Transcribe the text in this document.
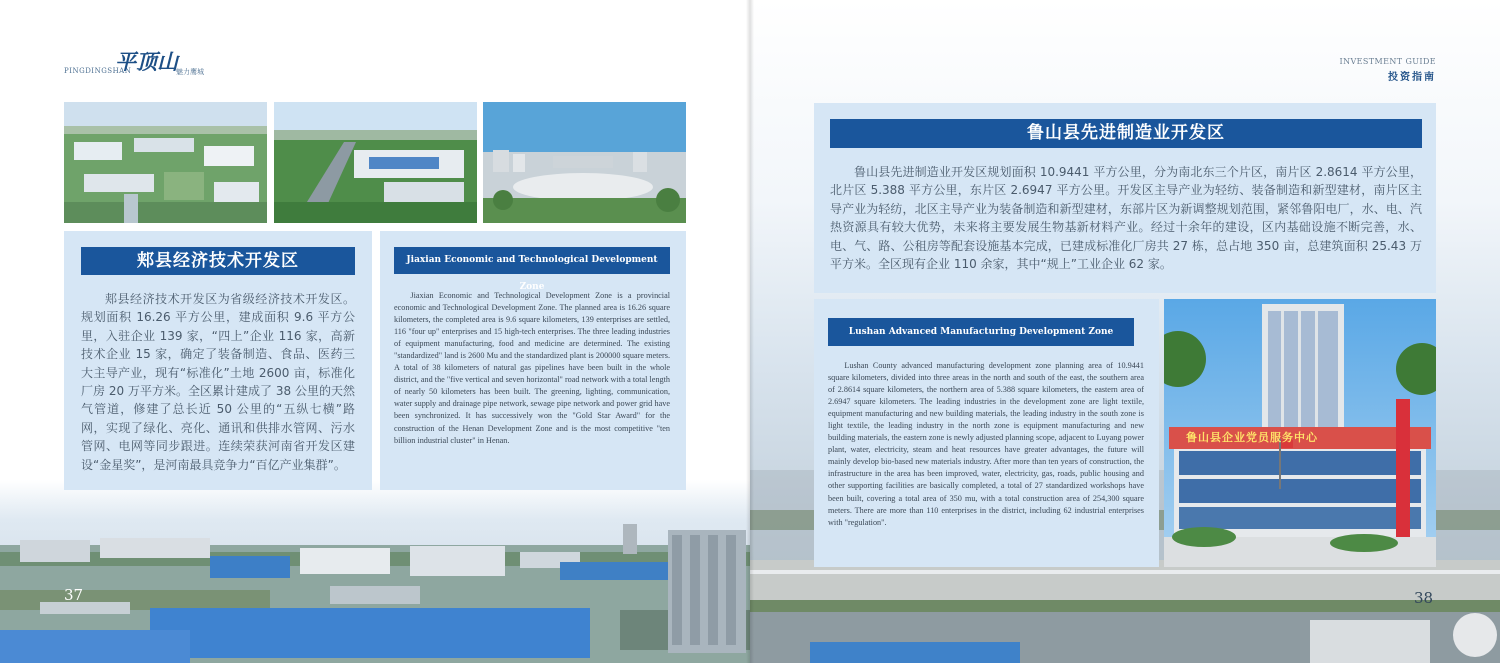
PINGDINGSHAN
平顶山
魅力鹰城
郏县经济技术开发区
郏县经济技术开发区为省级经济技术开发区。规划面积 16.26 平方公里，建成面积 9.6 平方公里，入驻企业 139 家，“四上”企业 116 家，高新技术企业 15 家，确定了装备制造、食品、医药三大主导产业，现有“标准化”土地 2600 亩，标准化厂房 20 万平方米。全区累计建成了 38 公里的天然气管道，修建了总长近 50 公里的“五纵七横”路网，实现了绿化、亮化、通讯和供排水管网、污水管网、电网等同步跟进。连续荣获河南省开发区建设“金星奖”，是河南最具竞争力“百亿产业集群”。
Jiaxian Economic and Technological Development Zone
Jiaxian Economic and Technological Development Zone is a provincial economic and Technological Development Zone. The planned area is 16.26 square kilometers, the completed area is 9.6 square kilometers, 139 enterprises are settled, 116 "four up" enterprises and 15 high-tech enterprises. The three leading industries of equipment manufacturing, food and medicine are determined. The existing "standardized" land is 2600 Mu and the standardized plant is 200000 square meters. A total of 38 kilometers of natural gas pipelines have been built in the whole district, and the "five vertical and seven horizontal" road network with a total length of nearly 50 kilometers has been built. The greening, lighting, communication, water supply and drainage pipe network, sewage pipe network and power grid have been synchronized. It has successively won the "Gold Star Award" for the construction of the Henan Development Zone and is the most competitive "ten billion industrial cluster" in Henan.
37
INVESTMENT GUIDE
投资指南
鲁山县先进制造业开发区
鲁山县先进制造业开发区规划面积 10.9441 平方公里，分为南北东三个片区，南片区 2.8614 平方公里，北片区 5.388 平方公里，东片区 2.6947 平方公里。开发区主导产业为轻纺、装备制造和新型建材，南片区主导产业为轻纺，北区主导产业为装备制造和新型建材，东部片区为新调整规划范围，紧邻鲁阳电厂，水、电、汽热资源具有较大优势，未来将主要发展生物基新材料产业。经过十余年的建设，区内基础设施不断完善，水、电、气、路、公租房等配套设施基本完成，已建成标准化厂房共 27 栋，总占地 350 亩，总建筑面积 25.43 万平方米。全区现有企业 110 余家，其中“规上”工业企业 62 家。
Lushan Advanced Manufacturing Development Zone
Lushan County advanced manufacturing development zone planning area of 10.9441 square kilometers, divided into three areas in the north and south of the east, the southern area of 2.8614 square kilometers, the northern area of 5.388 square kilometers, the eastern area of 2.6947 square kilometers. The leading industries in the development zone are light textile, equipment manufacturing and new building materials, the leading industry in the south zone is light textile, the leading industry in the north zone is equipment manufacturing and new building materials, the eastern zone is newly adjusted planning scope, adjacent to Luyang power plant, water, electricity, steam and heat resources have greater advantages, the future will mainly develop bio-based new materials industry. After more than ten years of construction, the infrastructure in the area has been improved, water, electricity, gas, roads, public housing and other supporting facilities are basically completed, a total of 27 standardized workshops have been built, covering a total area of 350 mu, with a total construction area of 254,300 square meters. There are more than 110 enterprises in the district, including 62 industrial enterprises with "regulation".
鲁山县企业党员服务中心
38
